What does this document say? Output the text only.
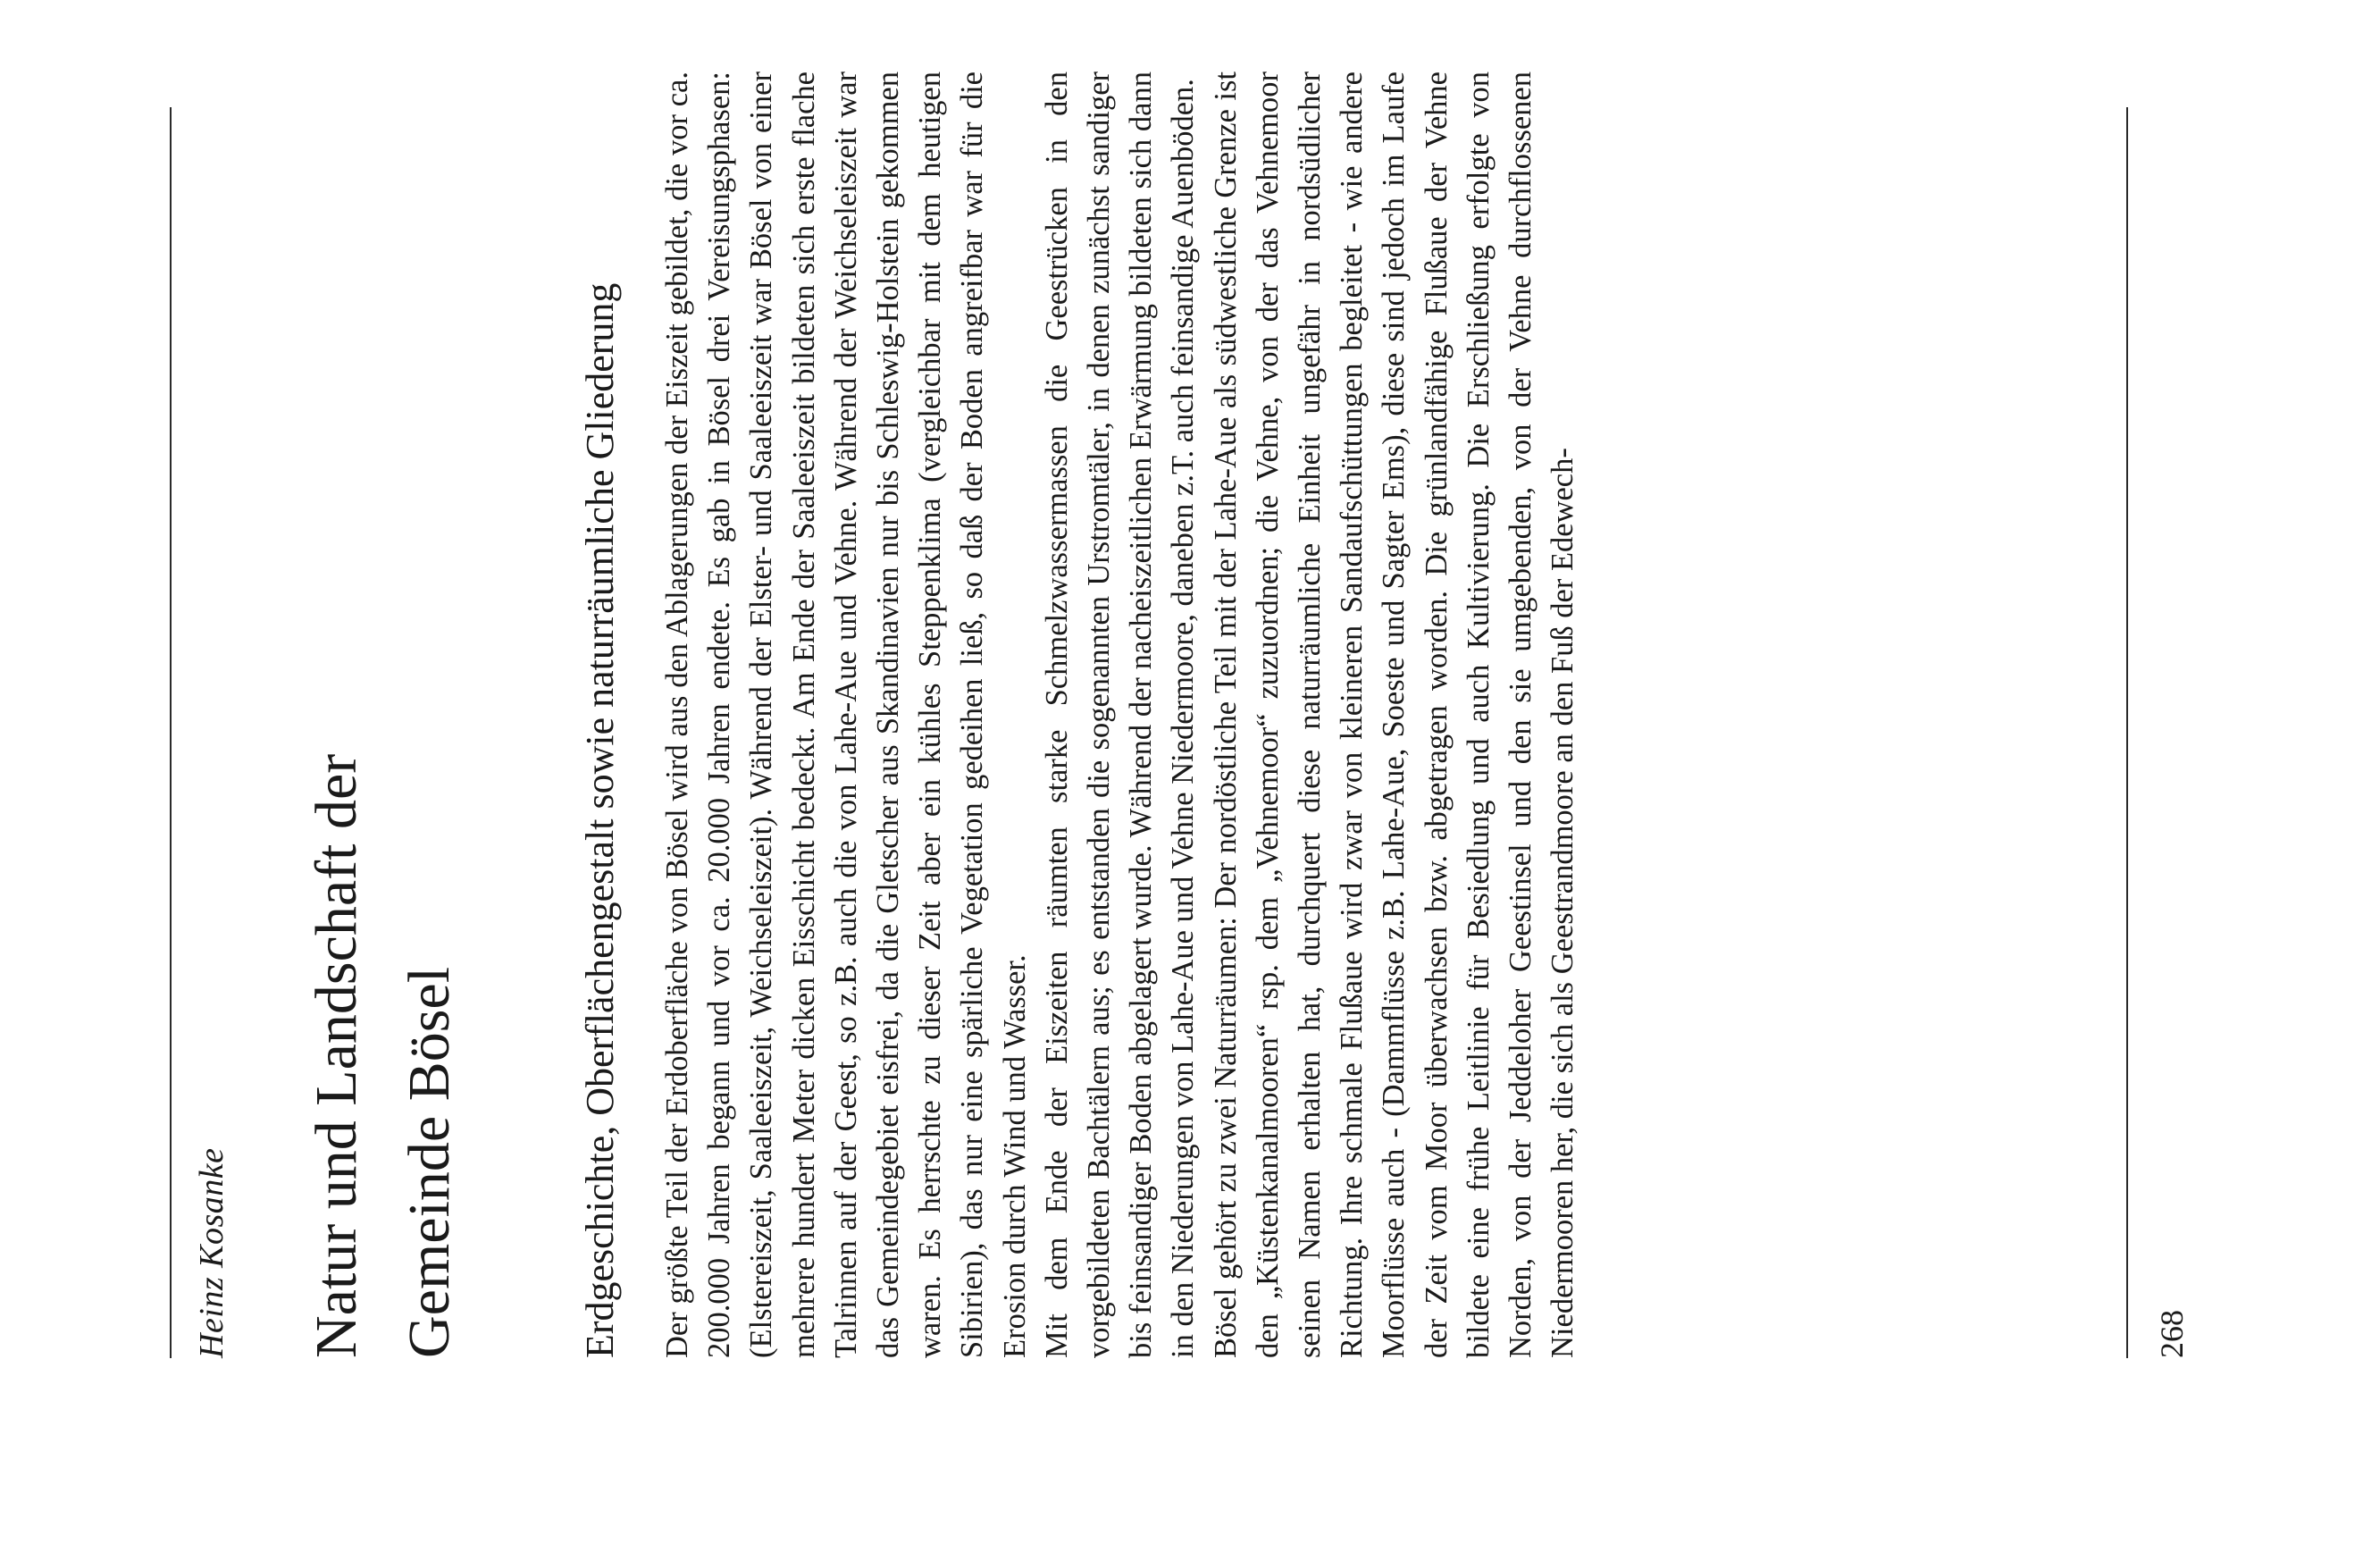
Heinz Kosanke Natur und Landschaft der Gemeinde Bösel	Erdgeschichte, Oberflächengestalt sowie naturräumliche Gliederung Der größte Teil der Erdoberfläche von Bösel wird aus den Ablagerungen der Eiszeit gebildet, die vor ca. 200.000 Jahren begann und vor ca. 20.000 Jahren endete. Es gab in Bösel drei Vereisungsphasen: (Elstereiszeit, Saaleeiszeit, Weichseleiszeit). Während der Elster- und Saaleeiszeit war Bösel von einer mehrere hundert Meter dicken Eisschicht bedeckt. Am Ende der Saaleeiszeit bildeten sich erste flache Talrinnen auf der Geest, so z.B. auch die von Lahe-Aue und Vehne. Während der Weichseleiszeit war das Gemeindegebiet eisfrei, da die Gletscher aus Skandinavien nur bis Schleswig-Holstein gekommen waren. Es herrschte zu dieser Zeit aber ein kühles Steppenklima (vergleichbar mit dem heutigen Sibirien), das nur eine spärliche Vegetation gedeihen ließ, so daß der Boden angreifbar war für die Erosion durch Wind und Wasser. Mit dem Ende der Eiszeiten räumten starke Schmelzwassermassen die Geestrücken in den vorgebildeten Bachtälern aus; es entstanden die sogenannten Urstromtäler, in denen zunächst sandiger bis feinsandiger Boden abgelagert wurde. Während der nacheiszeitlichen Erwärmung bildeten sich dann in den Niederungen von Lahe-Aue und Vehne Niedermoore, daneben z.T. auch feinsandige Auenböden. Bösel gehört zu zwei Naturräumen: Der nordöstliche Teil mit der Lahe-Aue als südwestliche Grenze ist den „Küstenkanalmooren“ rsp. dem „Vehnemoor“ zuzuordnen; die Vehne, von der das Vehnemoor seinen Namen erhalten hat, durchquert diese naturräumliche Einheit ungefähr in nordsüdlicher Richtung. Ihre schmale Flußaue wird zwar von kleineren Sandaufschüttungen begleitet - wie andere Moorflüsse auch - (Dammflüsse z.B. Lahe-Aue, Soeste und Sagter Ems), diese sind jedoch im Laufe der Zeit vom Moor überwachsen bzw. abgetragen worden. Die grünlandfähige Flußaue der Vehne bildete eine frühe Leitlinie für Besiedlung und auch Kultivierung. Die Erschließung erfolgte von Norden, von der Jeddeloher Geestinsel und den sie umgebenden, von der Vehne durchflossenen Niedermooren her, die sich als Geestrandmoore an den Fuß der Edewech-	268
